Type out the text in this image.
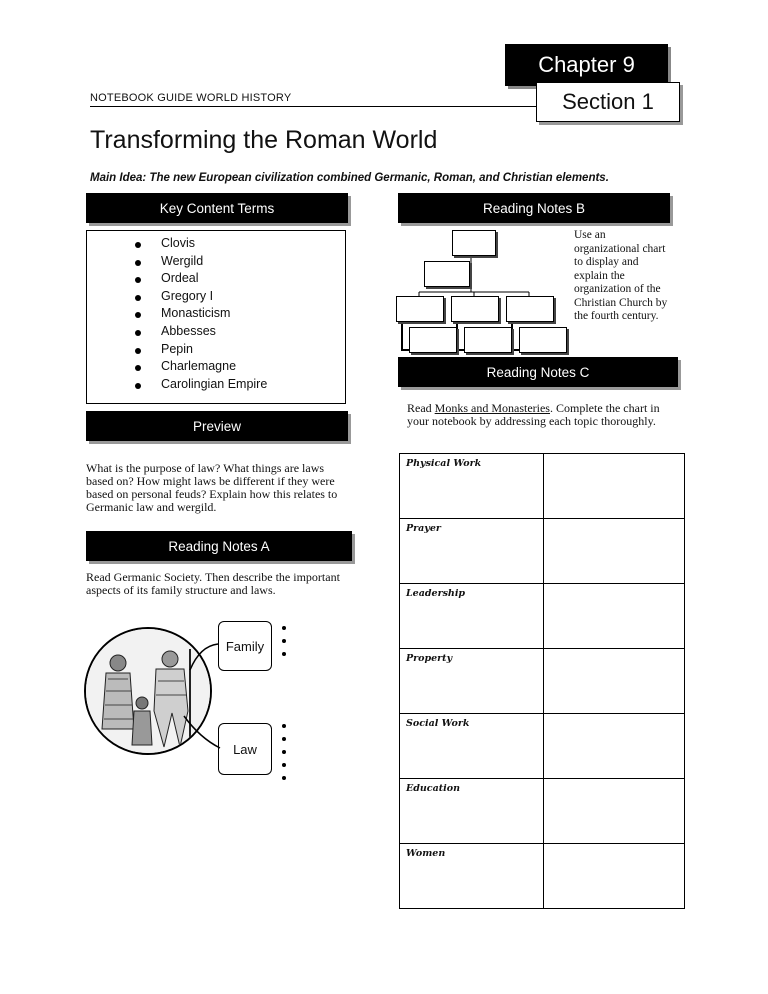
Chapter 9
Section 1
NOTEBOOK GUIDE WORLD HISTORY
Transforming the Roman World
Main Idea: The new European civilization combined Germanic, Roman, and Christian elements.
Key Content Terms
Clovis
Wergild
Ordeal
Gregory I
Monasticism
Abbesses
Pepin
Charlemagne
Carolingian Empire
Preview
What is the purpose of law? What things are laws based on? How might laws be different if they were based on personal feuds? Explain how this relates to Germanic law and wergild.
Reading Notes A
Read Germanic Society. Then describe the important aspects of its family structure and laws.
Family
Law
Reading Notes B
Use an organizational chart to display and explain the organization of the Christian Church by the fourth century.
Reading Notes C
Read Monks and Monasteries. Complete the chart in your notebook by addressing each topic thoroughly.
Physical Work	
Prayer	
Leadership	
Property	
Social Work	
Education	
Women	
